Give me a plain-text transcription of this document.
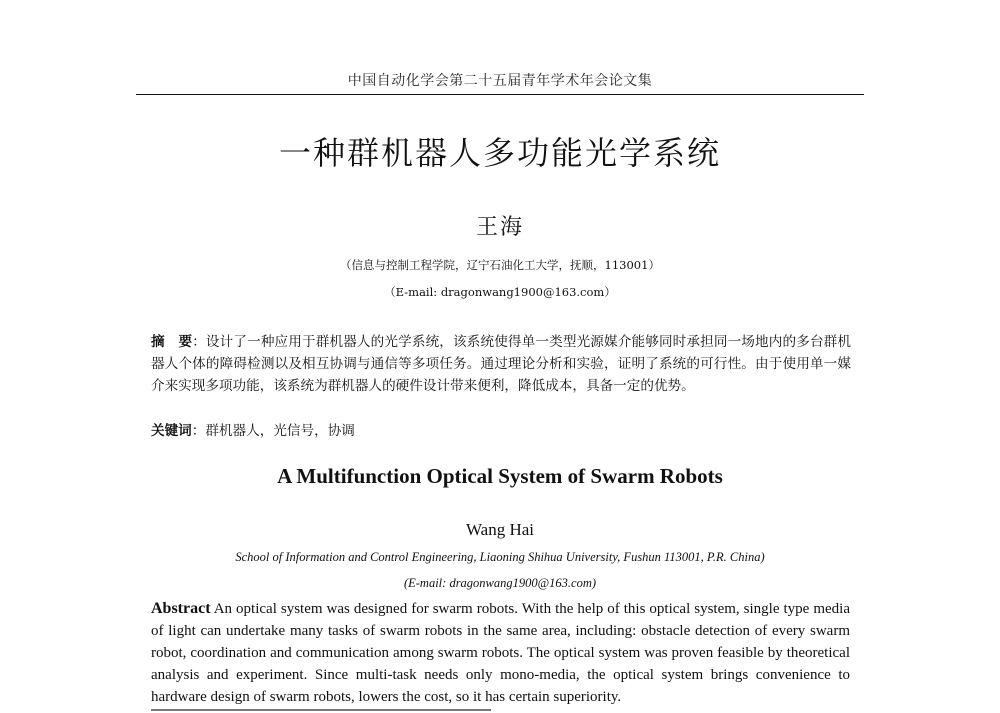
中国自动化学会第二十五届青年学术年会论文集
一种群机器人多功能光学系统
王海
（信息与控制工程学院，辽宁石油化工大学，抚顺，113001）
（E-mail: dragonwang1900@163.com）
摘　要：设计了一种应用于群机器人的光学系统，该系统使得单一类型光源媒介能够同时承担同一场地内的多台群机器人个体的障碍检测以及相互协调与通信等多项任务。通过理论分析和实验，证明了系统的可行性。由于使用单一媒介来实现多项功能，该系统为群机器人的硬件设计带来便利，降低成本，具备一定的优势。
关键词：群机器人，光信号，协调
A Multifunction Optical System of Swarm Robots
Wang Hai
School of Information and Control Engineering, Liaoning Shihua University, Fushun 113001, P.R. China)
(E-mail: dragonwang1900@163.com)
Abstract An optical system was designed for swarm robots. With the help of this optical system, single type media of light can undertake many tasks of swarm robots in the same area, including: obstacle detection of every swarm robot, coordination and communication among swarm robots. The optical system was proven feasible by theoretical analysis and experiment. Since multi-task needs only mono-media, the optical system brings convenience to hardware design of swarm robots, lowers the cost, so it has certain superiority.
